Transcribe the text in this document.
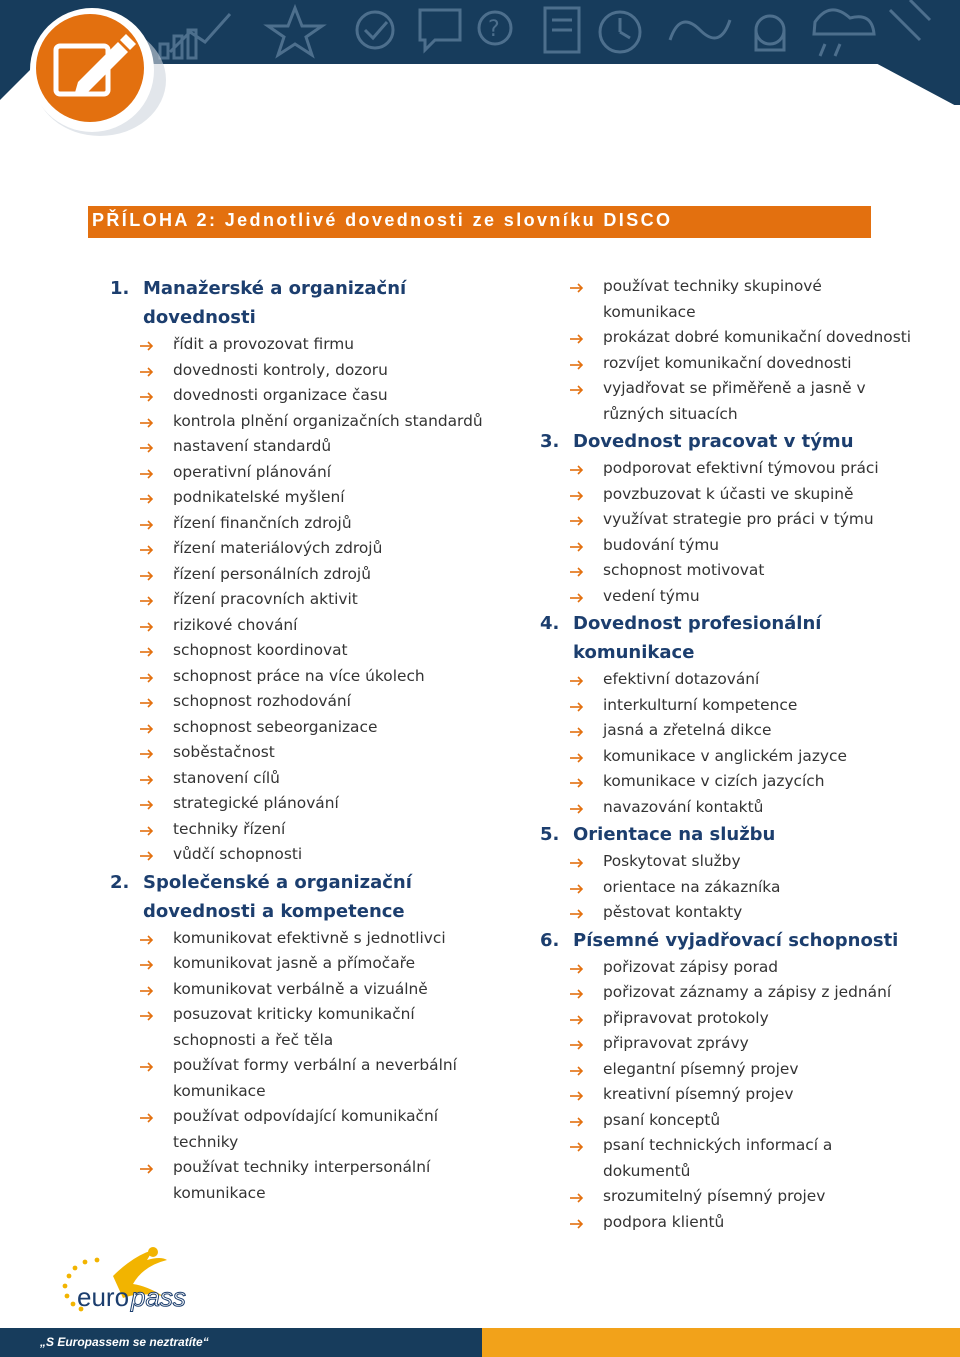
?
PŘÍLOHA 2: Jednotlivé dovednosti ze slovníku DISCO
1. Manažerské a organizační
dovednosti
řídit a provozovat firmu
dovednosti kontroly, dozoru
dovednosti organizace času
kontrola plnění organizačních standardů
nastavení standardů
operativní plánování
podnikatelské myšlení
řízení finančních zdrojů
řízení materiálových zdrojů
řízení personálních zdrojů
řízení pracovních aktivit
rizikové chování
schopnost koordinovat
schopnost práce na více úkolech
schopnost rozhodování
schopnost sebeorganizace
soběstačnost
stanovení cílů
strategické plánování
techniky řízení
vůdčí schopnosti
2. Společenské a organizační
dovednosti a kompetence
komunikovat efektivně s jednotlivci
komunikovat jasně a přímočaře
komunikovat verbálně a vizuálně
posuzovat kriticky komunikační
schopnosti a řeč těla
používat formy verbální a neverbální
komunikace
používat odpovídající komunikační
techniky
používat techniky interpersonální
komunikace
používat techniky skupinové
komunikace
prokázat dobré komunikační dovednosti
rozvíjet komunikační dovednosti
vyjadřovat se přiměřeně a jasně v
různých situacích
3. Dovednost pracovat v týmu
podporovat efektivní týmovou práci
povzbuzovat k účasti ve skupině
využívat strategie pro práci v týmu
budování týmu
schopnost motivovat
vedení týmu
4. Dovednost profesionální
komunikace
efektivní dotazování
interkulturní kompetence
jasná a zřetelná dikce
komunikace v anglickém jazyce
komunikace v cizích jazycích
navazování kontaktů
5. Orientace na službu
Poskytovat služby
orientace na zákazníka
pěstovat kontakty
6. Písemné vyjadřovací schopnosti
pořizovat zápisy porad
pořizovat záznamy a zápisy z jednání
připravovat protokoly
připravovat zprávy
elegantní písemný projev
kreativní písemný projev
psaní konceptů
psaní technických informací a
dokumentů
srozumitelný písemný projev
podpora klientů
euro pass
„S Europassem se neztratíte“
